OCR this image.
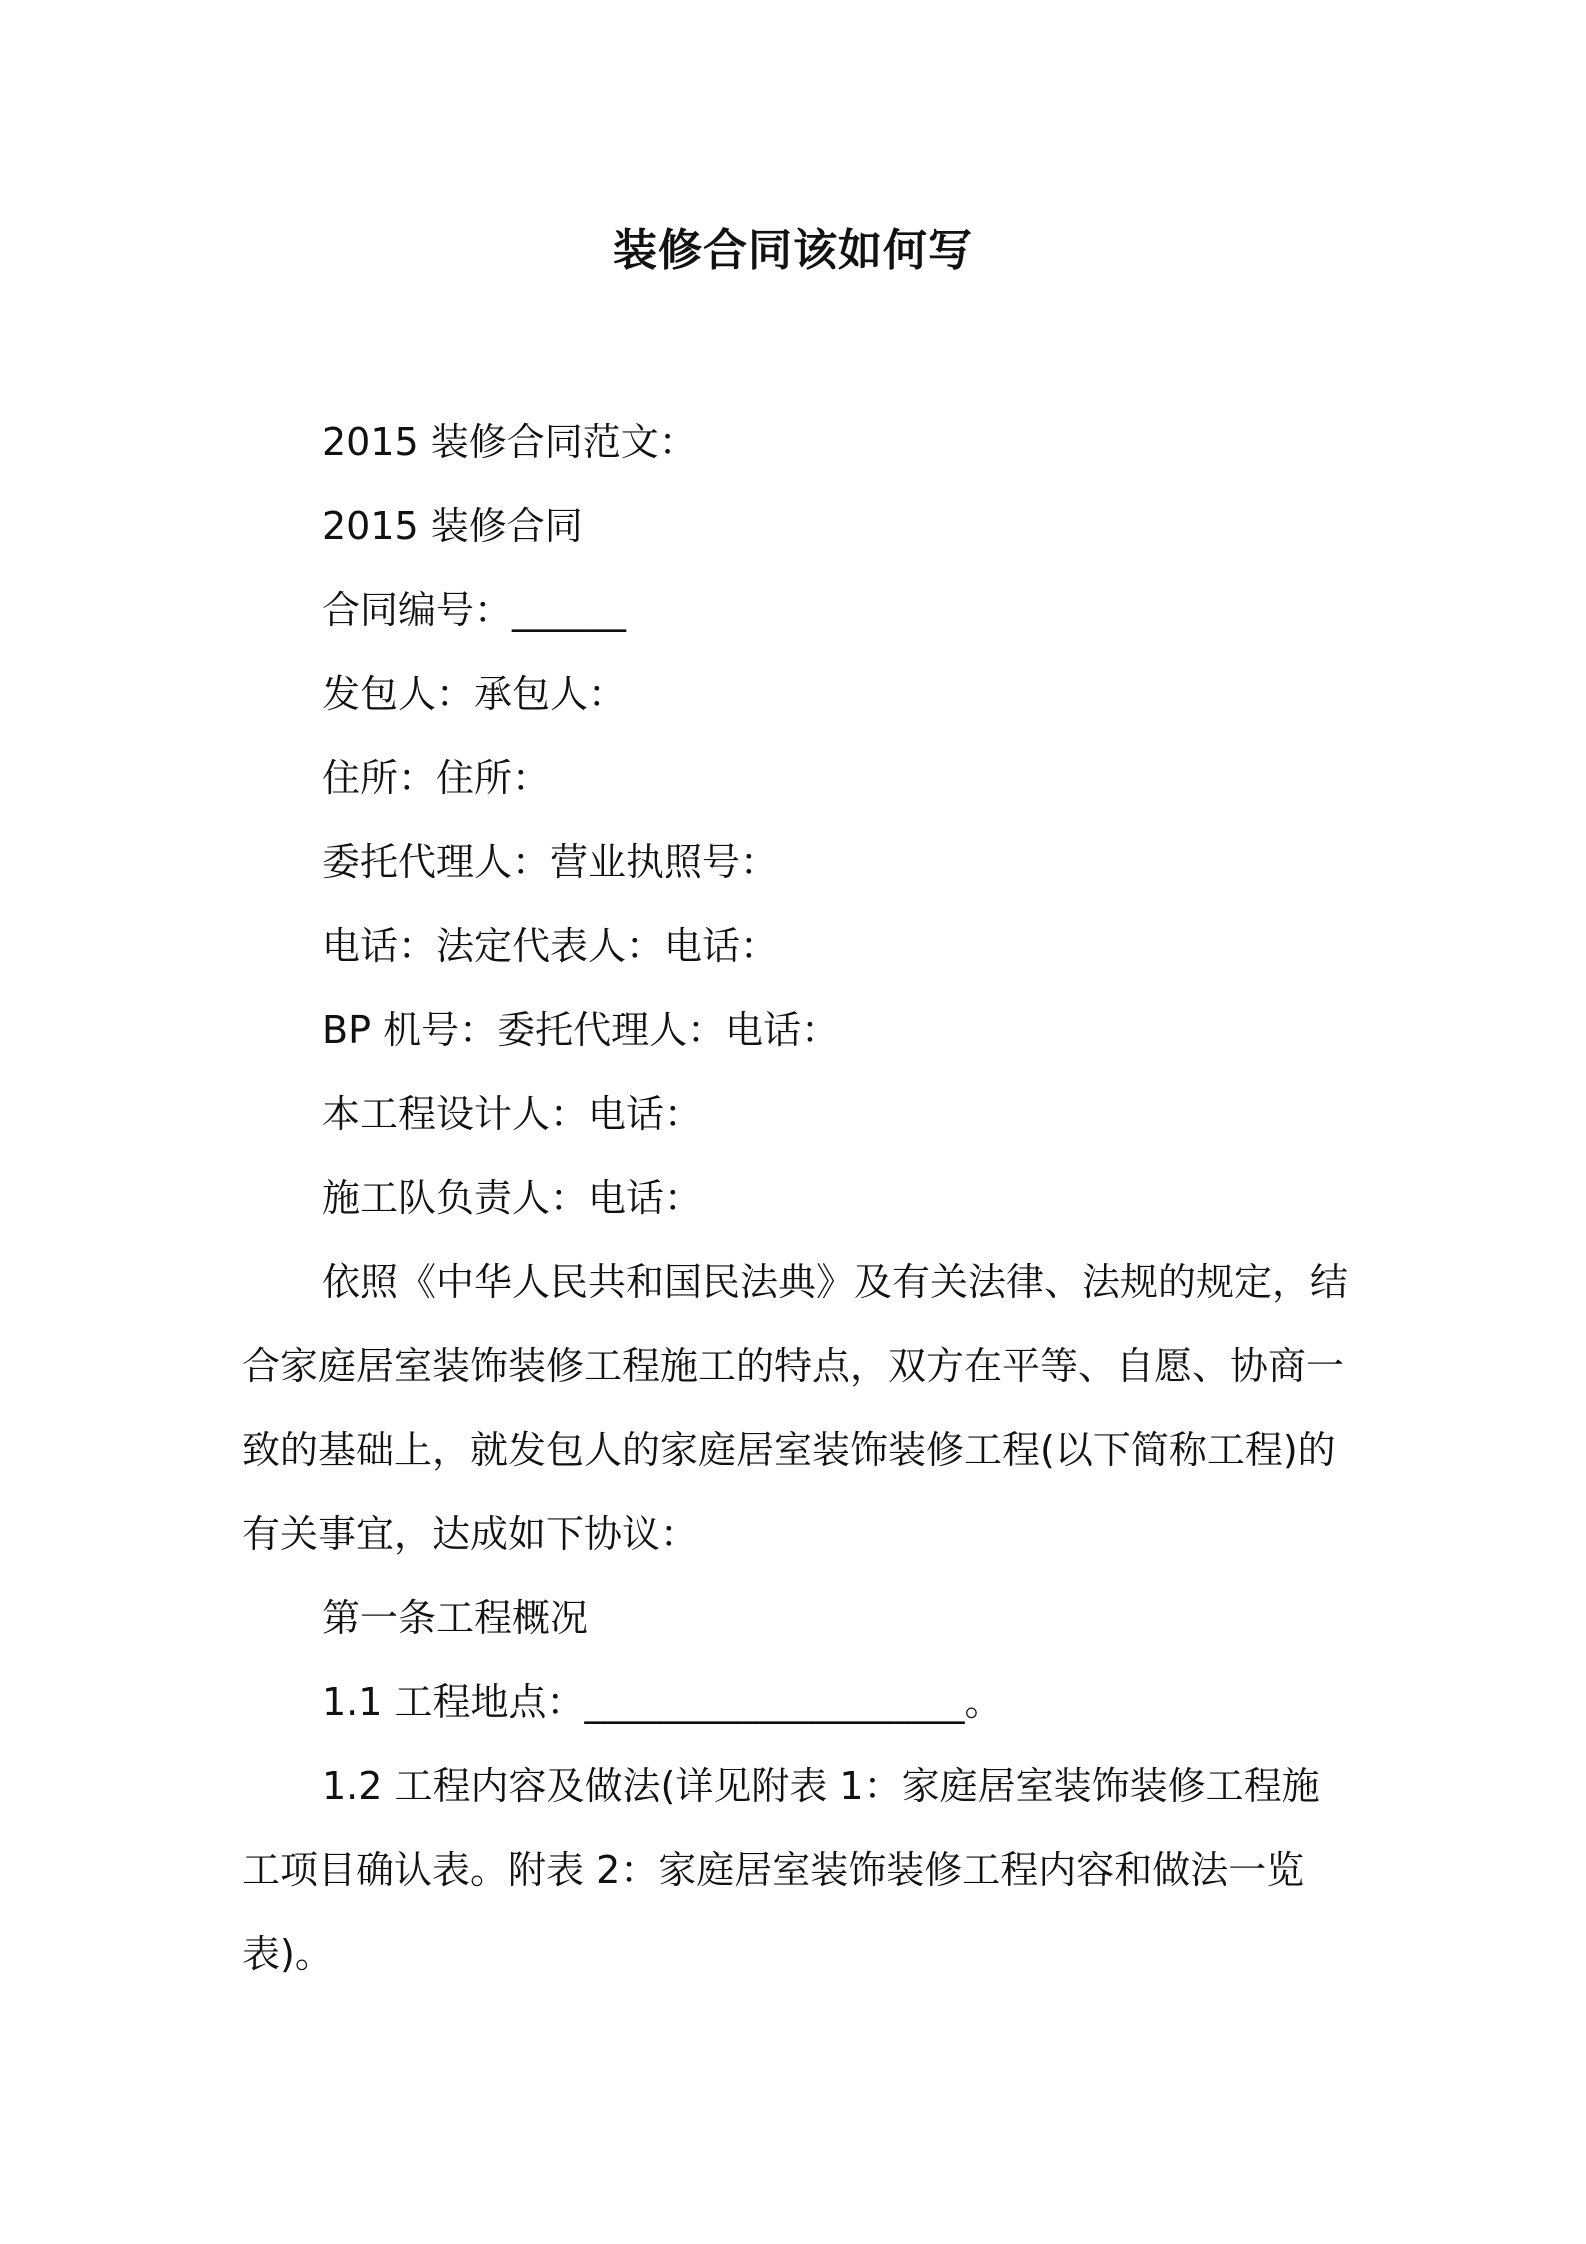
装修合同该如何写

2015 装修合同范文：

2015 装修合同

合同编号：______

发包人：承包人：

住所：住所：

委托代理人：营业执照号：

电话：法定代表人：电话：

BP 机号：委托代理人：电话：

本工程设计人：电话：

施工队负责人：电话：

依照《中华人民共和国民法典》及有关法律、法规的规定，结合家庭居室装饰装修工程施工的特点，双方在平等、自愿、协商一致的基础上，就发包人的家庭居室装饰装修工程(以下简称工程)的有关事宜，达成如下协议：

第一条工程概况

1.1 工程地点：____________________。

1.2 工程内容及做法(详见附表 1：家庭居室装饰装修工程施工项目确认表。附表 2：家庭居室装饰装修工程内容和做法一览表)。
